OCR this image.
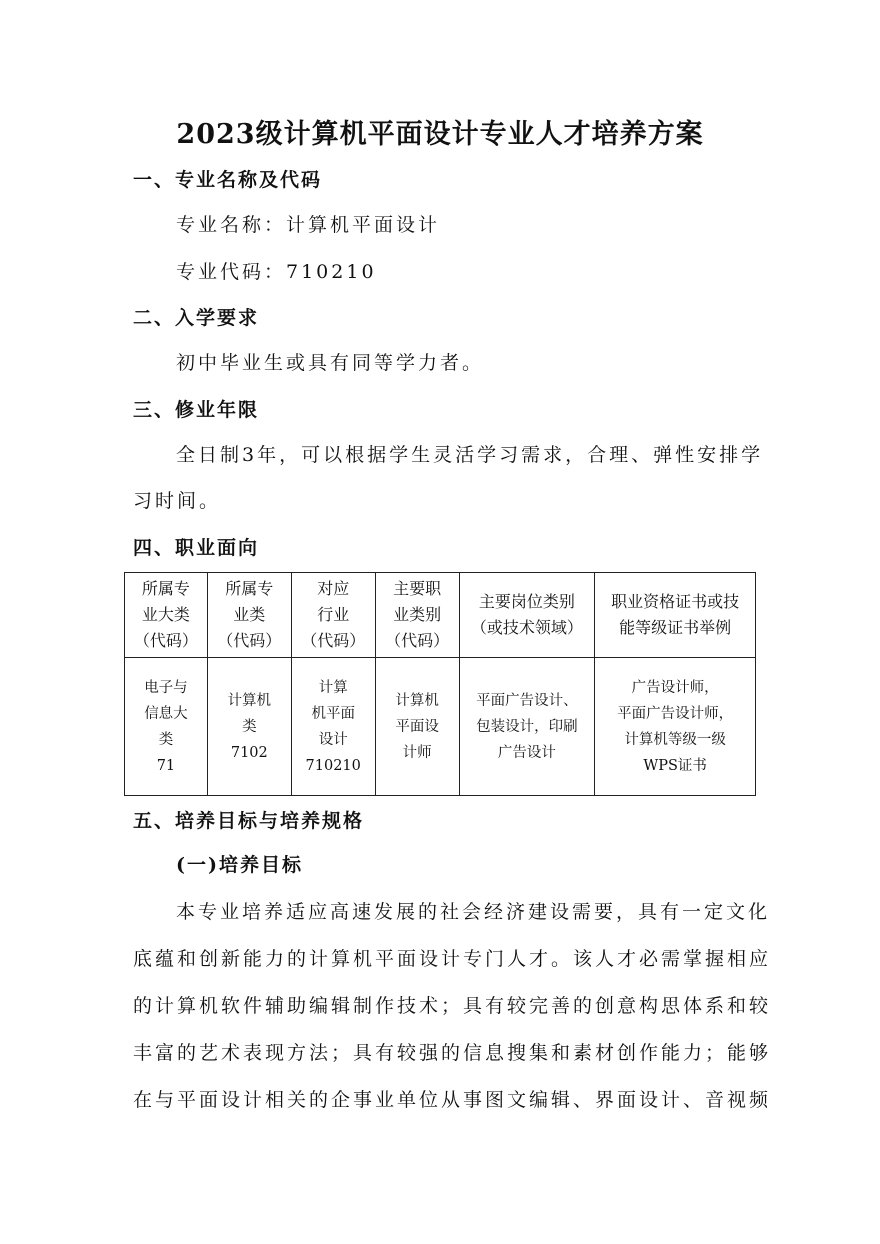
2023级计算机平面设计专业人才培养方案
一、专业名称及代码
专业名称：计算机平面设计
专业代码：710210
二、入学要求
初中毕业生或具有同等学力者。
三、修业年限
全日制3年，可以根据学生灵活学习需求，合理、弹性安排学
习时间。
四、职业面向
所属专
业大类
（代码）	所属专
业类
（代码）	对应
行业
（代码）	主要职
业类别
（代码）	主要岗位类别
（或技术领域）	职业资格证书或技
能等级证书举例
电子与
信息大
类
71	计算机
类
7102	计算
机平面
设计
710210	计算机
平面设
计师	平面广告设计、
包装设计，印刷
广告设计	广告设计师，
平面广告设计师，
计算机等级一级
WPS证书
五、培养目标与培养规格
(一)培养目标
本专业培养适应高速发展的社会经济建设需要，具有一定文化
底蕴和创新能力的计算机平面设计专门人才。该人才必需掌握相应
的计算机软件辅助编辑制作技术；具有较完善的创意构思体系和较
丰富的艺术表现方法；具有较强的信息搜集和素材创作能力；能够
在与平面设计相关的企事业单位从事图文编辑、界面设计、音视频
